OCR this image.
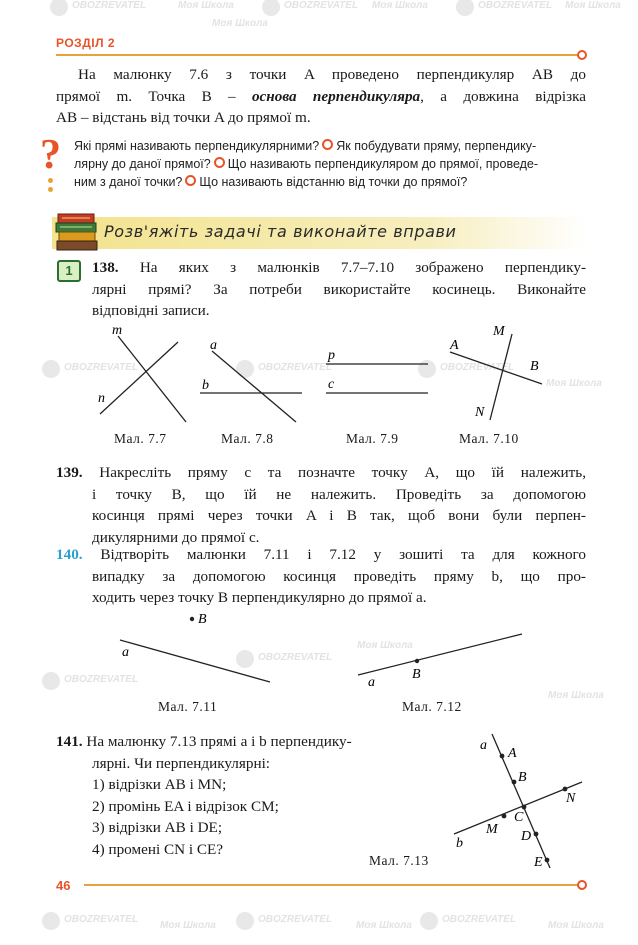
OBOZREVATEL	Моя Школа	OBOZREVATEL Моя Школа	OBOZREVATEL Моя Школа
Моя Школа
OBOZREVATEL	OBOZREVATEL	OBOZREVATEL
Моя Школа
OBOZREVATEL
OBOZREVATEL
Моя Школа
Моя Школа
OBOZREVATEL
Моя Школа
OBOZREVATEL
Моя Школа
OBOZREVATEL
Моя Школа
РОЗДІЛ 2
На малюнку 7.6 з точки A проведено перпендикуляр AB до
прямої m. Точка B – основа перпендикуляра, а довжина відрізка
AB – відстань від точки A до прямої m.
? Які прямі називають перпендикулярними? Як побудувати пряму, перпендику-
лярну до даної прямої? Що називають перпендикуляром до прямої, проведе-
ним з даної точки? Що називають відстанню від точки до прямої?
Розв'яжіть задачі та виконайте вправи
1	138. На яких з малюнків 7.7–7.10 зображено перпендику-
лярні прямі? За потреби використайте косинець. Виконайте
відповідні записи.
m
n
a
b
p
c
M
A
B
N
Мал. 7.7	Мал. 7.8	Мал. 7.9	Мал. 7.10
139. Накресліть пряму c та позначте точку A, що їй належить,
і точку B, що їй не належить. Проведіть за допомогою
косинця прямі через точки A і B так, щоб вони були перпен-
дикулярними до прямої c.
140. Відтворіть малюнки 7.11 і 7.12 у зошиті та для кожного
випадку за допомогою косинця проведіть пряму b, що про-
ходить через точку B перпендикулярно до прямої a.
B
a
B
a
Мал. 7.11	Мал. 7.12
141. На малюнку 7.13 прямі a і b перпендику-
лярні. Чи перпендикулярні:
1) відрізки AB і MN;
2) промінь EA і відрізок CM;
3) відрізки AB і DE;
4) промені CN і CE?
a
A
B
N
C
M D
b
E
Мал. 7.13
46
